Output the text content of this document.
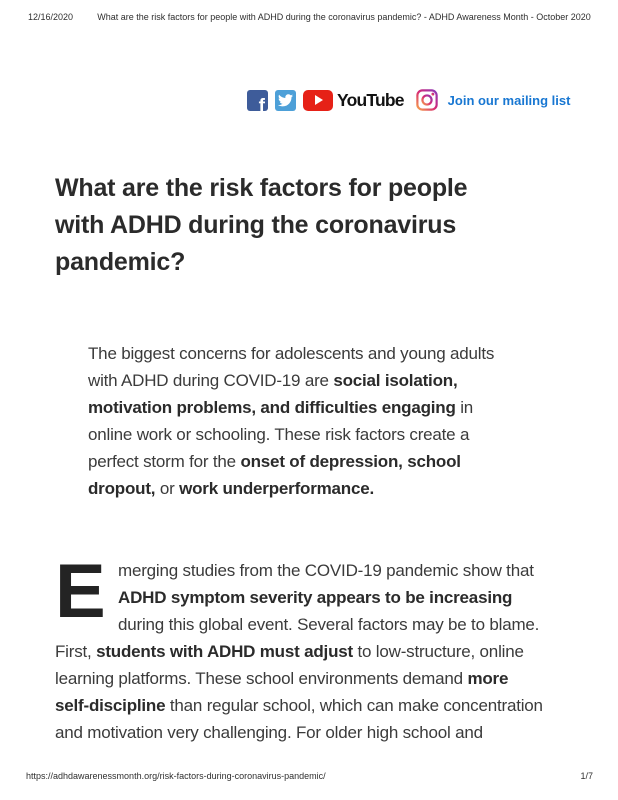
12/16/2020	What are the risk factors for people with ADHD during the coronavirus pandemic? - ADHD Awareness Month - October 2020
f	YouTube	Join our mailing list
What are the risk factors for people
with ADHD during the coronavirus
pandemic?
The biggest concerns for adolescents and young adults
with ADHD during COVID-19 are social isolation,
motivation problems, and difficulties engaging in
online work or schooling. These risk factors create a
perfect storm for the onset of depression, school
dropout, or work underperformance.
E merging studies from the COVID-19 pandemic show that
ADHD symptom severity appears to be increasing
during this global event. Several factors may be to blame.
First, students with ADHD must adjust to low-structure, online
learning platforms. These school environments demand more
self-discipline than regular school, which can make concentration
and motivation very challenging. For older high school and
https://adhdawarenessmonth.org/risk-factors-during-coronavirus-pandemic/	1/7
